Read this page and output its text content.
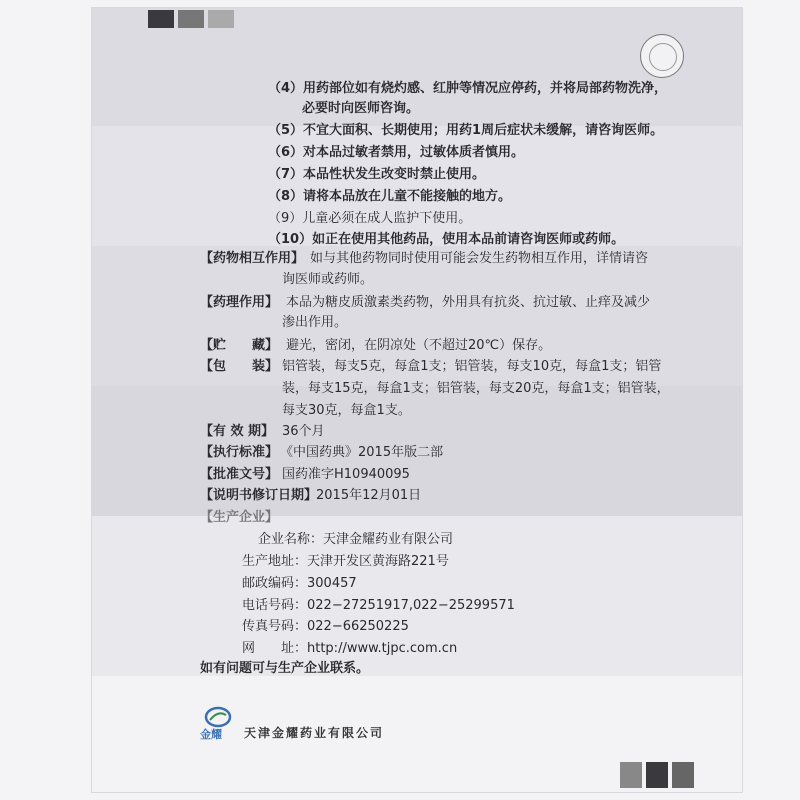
（4）用药部位如有烧灼感、红肿等情况应停药，并将局部药物洗净，
必要时向医师咨询。
（5）不宜大面积、长期使用；用药1周后症状未缓解，请咨询医师。
（6）对本品过敏者禁用，过敏体质者慎用。
（7）本品性状发生改变时禁止使用。
（8）请将本品放在儿童不能接触的地方。
（9）儿童必须在成人监护下使用。
（10）如正在使用其他药品，使用本品前请咨询医师或药师。
【药物相互作用】 如与其他药物同时使用可能会发生药物相互作用，详情请咨
询医师或药师。
【药理作用】 本品为糖皮质激素类药物，外用具有抗炎、抗过敏、止痒及减少
渗出作用。
【贮　　藏】 避光，密闭，在阴凉处（不超过20℃）保存。
【包　　装】 铝管装，每支5克，每盒1支；铝管装，每支10克，每盒1支；铝管
装，每支15克，每盒1支；铝管装，每支20克，每盒1支；铝管装，
每支30克，每盒1支。
【有 效 期】 36个月
【执行标准】 《中国药典》2015年版二部
【批准文号】 国药准字H10940095
【说明书修订日期】
2015年12月01日
【生产企业】
企业名称：天津金耀药业有限公司
生产地址：天津开发区黄海路221号
邮政编码：300457
电话号码：022−27251917,022−25299571
传真号码：022−66250225
网　　址：http://www.tjpc.com.cn
如有问题可与生产企业联系。
金耀 天津金耀药业有限公司
